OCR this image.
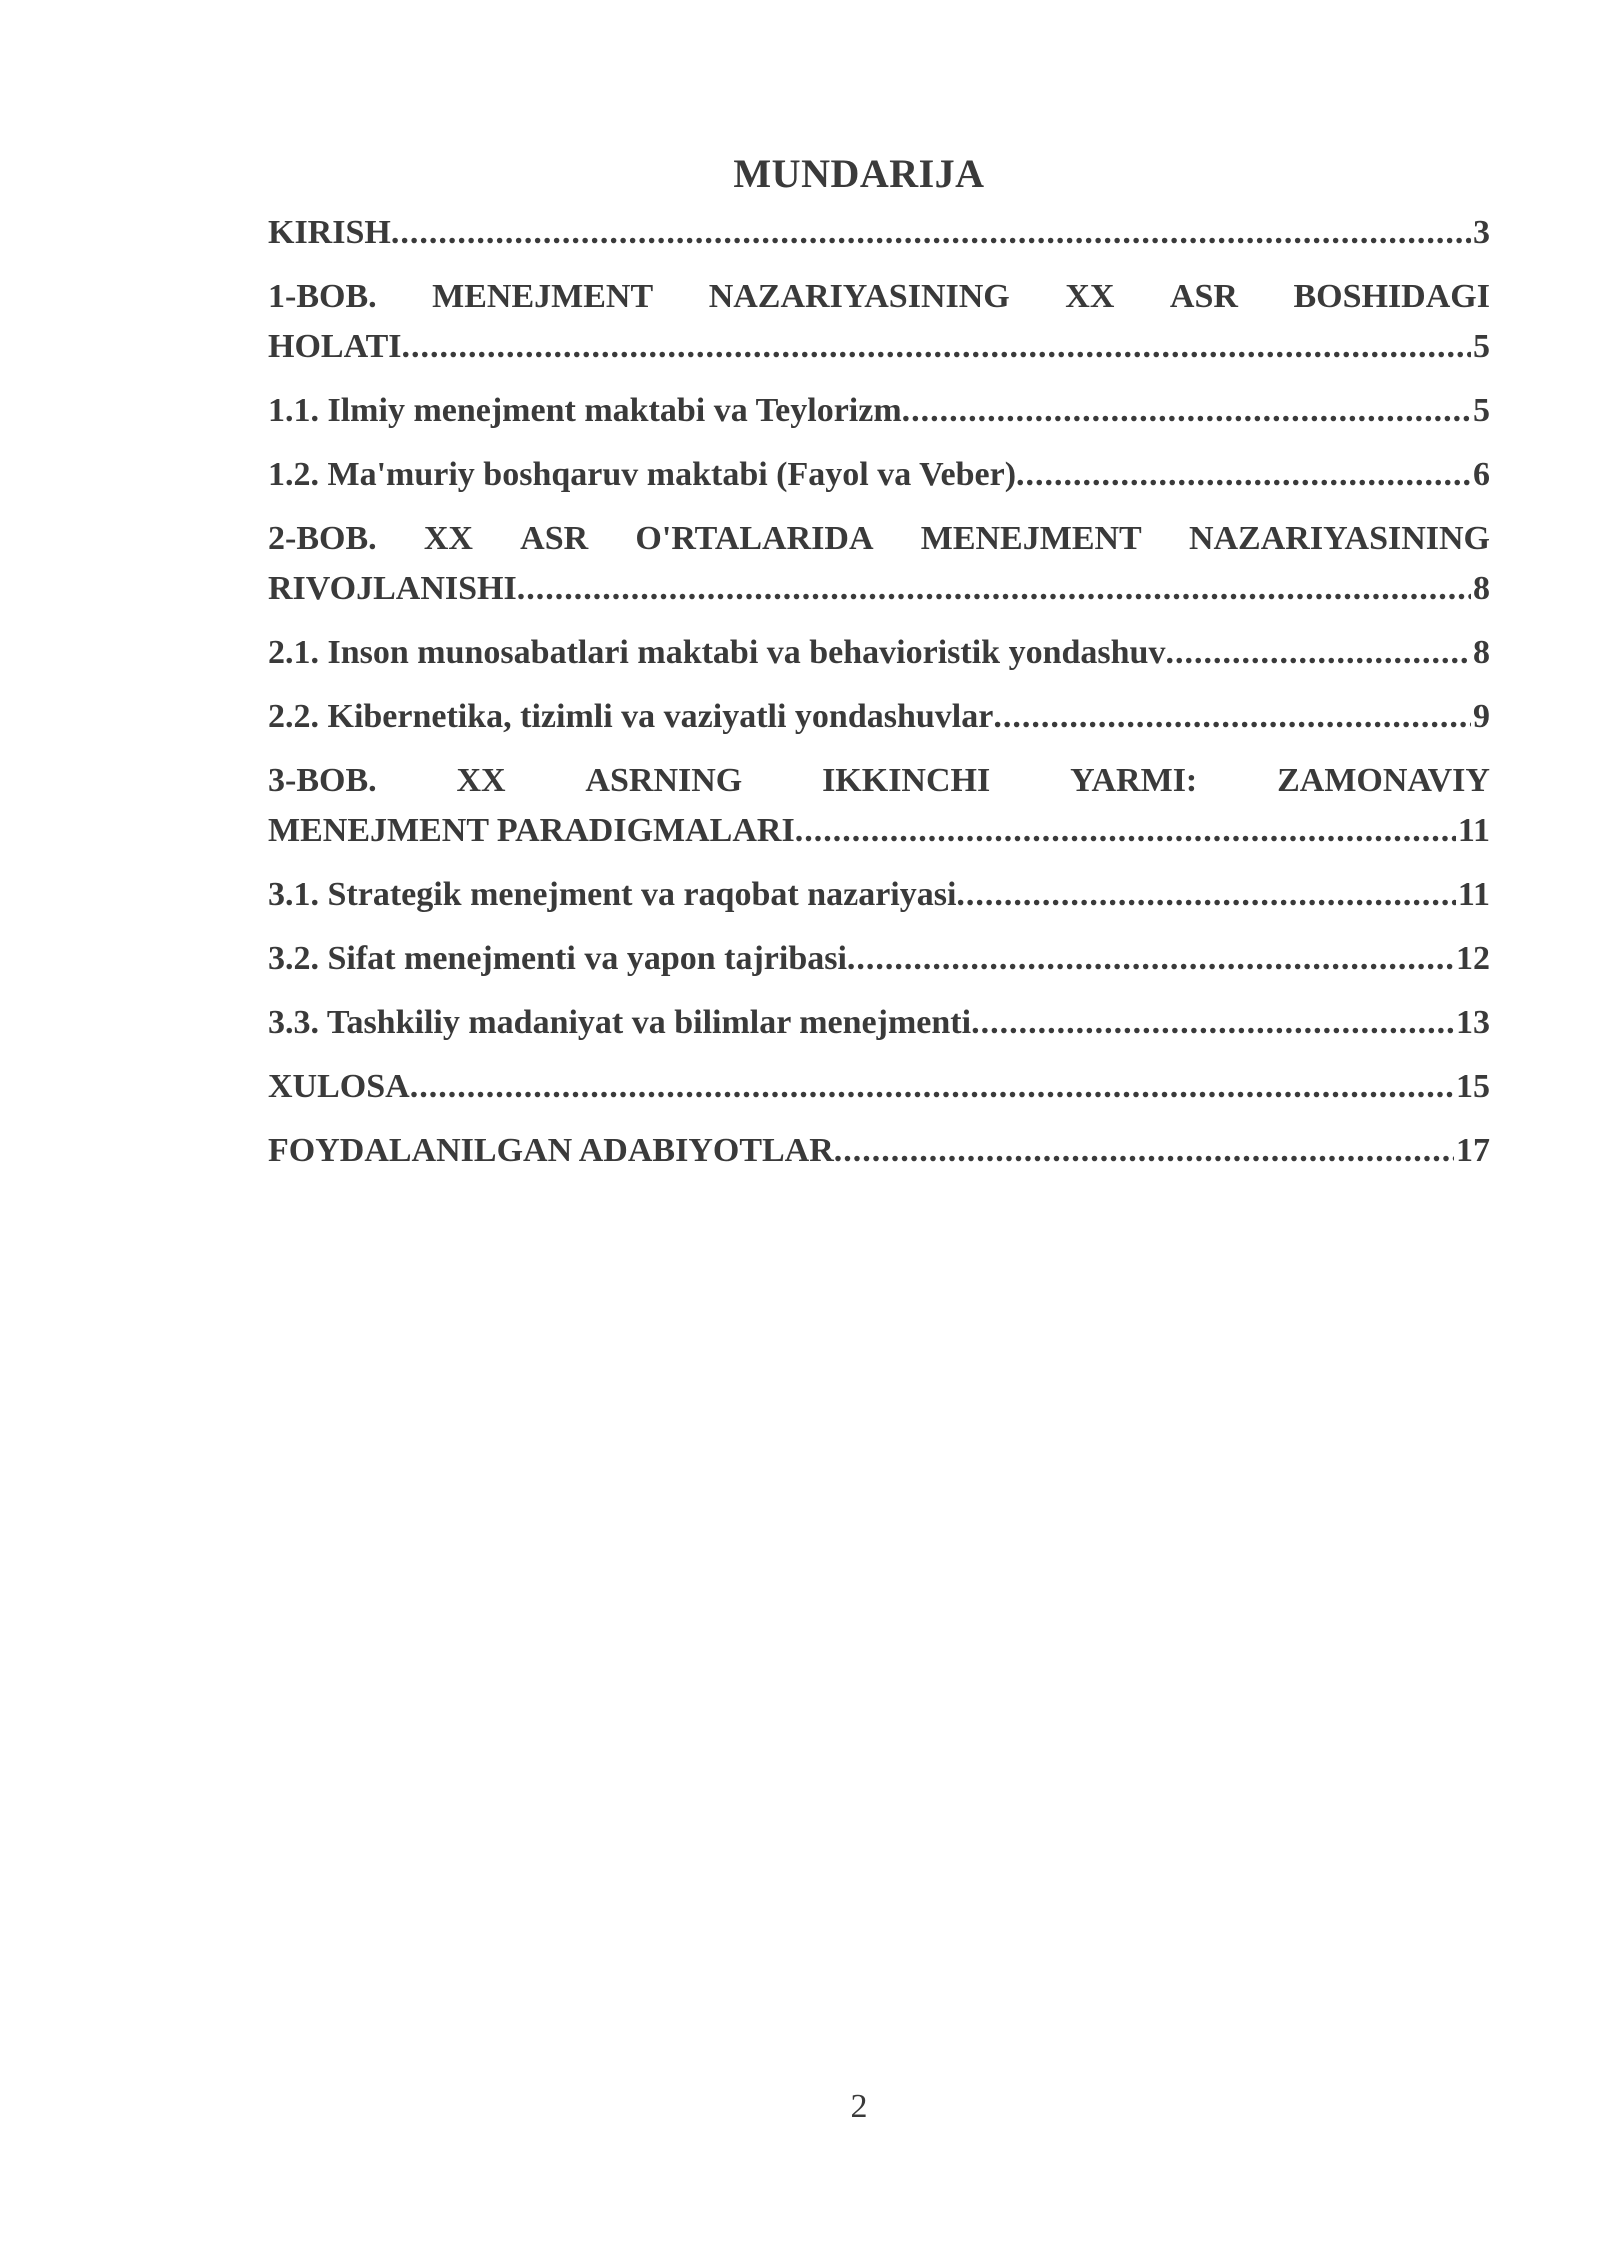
MUNDARIJA
KIRISH .....	3
1-BOB. MENEJMENT NAZARIYASINING XX ASR BOSHIDAGI
HOLATI .....	5
1.1. Ilmiy menejment maktabi va Teylorizm .....	5
1.2. Ma'muriy boshqaruv maktabi (Fayol va Veber) .....	6
2-BOB. XX ASR O'RTALARIDA MENEJMENT NAZARIYASINING
RIVOJLANISHI .....	8
2.1. Inson munosabatlari maktabi va behavioristik yondashuv .....	8
2.2. Kibernetika, tizimli va vaziyatli yondashuvlar .....	9
3-BOB. XX ASRNING IKKINCHI YARMI: ZAMONAVIY
MENEJMENT PARADIGMALARI .....	11
3.1. Strategik menejment va raqobat nazariyasi .....	11
3.2. Sifat menejmenti va yapon tajribasi .....	12
3.3. Tashkiliy madaniyat va bilimlar menejmenti .....	13
XULOSA .....	15
FOYDALANILGAN ADABIYOTLAR .....	17
2
